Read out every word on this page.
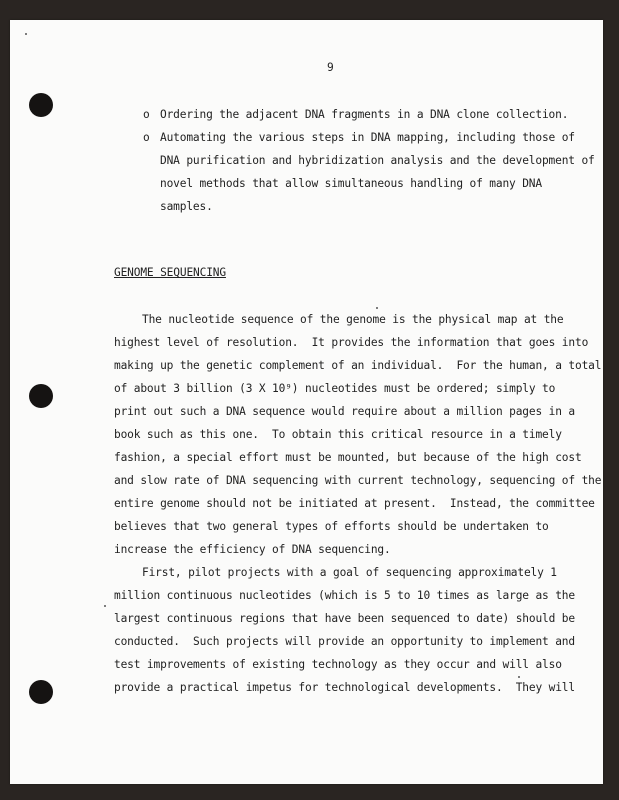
9
o Ordering the adjacent DNA fragments in a DNA clone collection.
o Automating the various steps in DNA mapping, including those of
DNA purification and hybridization analysis and the development of
novel methods that allow simultaneous handling of many DNA
samples.
GENOME SEQUENCING
The nucleotide sequence of the genome is the physical map at the
highest level of resolution.  It provides the information that goes into
making up the genetic complement of an individual.  For the human, a total
of about 3 billion (3 X 10⁹) nucleotides must be ordered; simply to
print out such a DNA sequence would require about a million pages in a
book such as this one.  To obtain this critical resource in a timely
fashion, a special effort must be mounted, but because of the high cost
and slow rate of DNA sequencing with current technology, sequencing of the
entire genome should not be initiated at present.  Instead, the committee
believes that two general types of efforts should be undertaken to
increase the efficiency of DNA sequencing.
First, pilot projects with a goal of sequencing approximately 1
million continuous nucleotides (which is 5 to 10 times as large as the
largest continuous regions that have been sequenced to date) should be
conducted.  Such projects will provide an opportunity to implement and
test improvements of existing technology as they occur and will also
provide a practical impetus for technological developments.  They will
